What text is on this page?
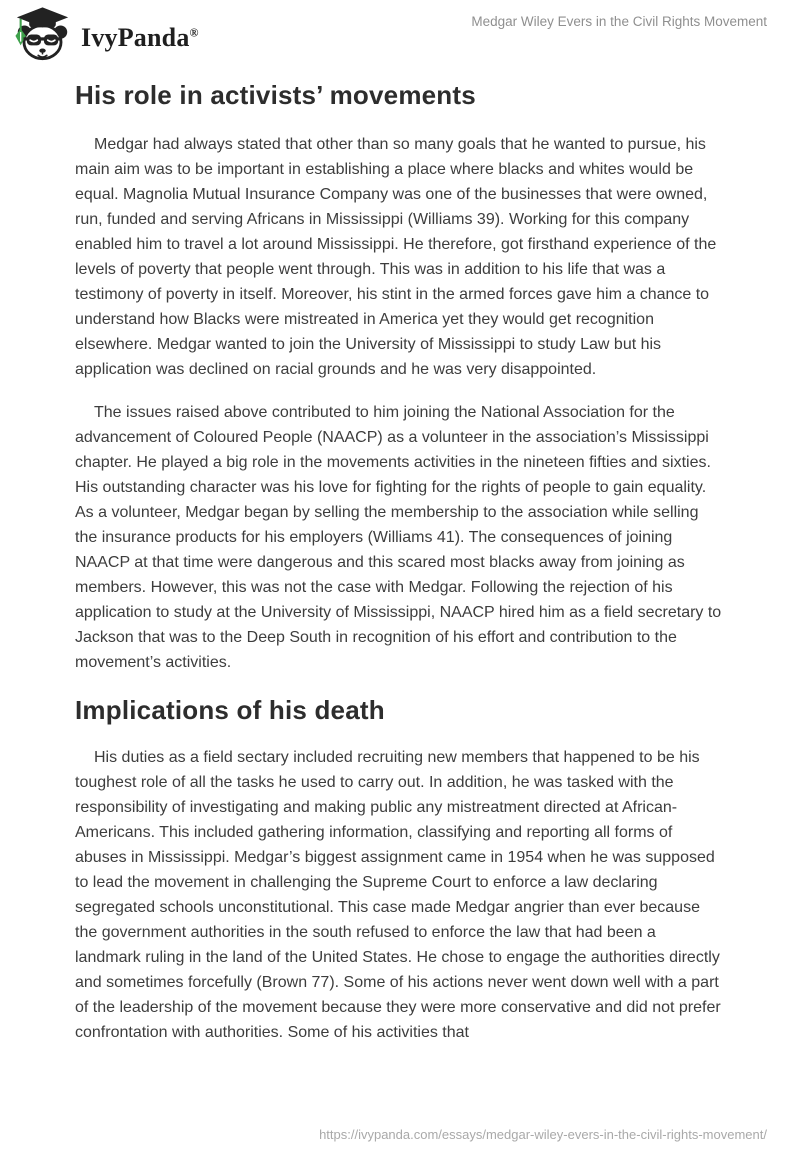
IvyPanda®
Medgar Wiley Evers in the Civil Rights Movement
His role in activists’ movements

Medgar had always stated that other than so many goals that he wanted to pursue, his main aim was to be important in establishing a place where blacks and whites would be equal. Magnolia Mutual Insurance Company was one of the businesses that were owned, run, funded and serving Africans in Mississippi (Williams 39). Working for this company enabled him to travel a lot around Mississippi. He therefore, got firsthand experience of the levels of poverty that people went through. This was in addition to his life that was a testimony of poverty in itself. Moreover, his stint in the armed forces gave him a chance to understand how Blacks were mistreated in America yet they would get recognition elsewhere. Medgar wanted to join the University of Mississippi to study Law but his application was declined on racial grounds and he was very disappointed.

The issues raised above contributed to him joining the National Association for the advancement of Coloured People (NAACP) as a volunteer in the association’s Mississippi chapter. He played a big role in the movements activities in the nineteen fifties and sixties. His outstanding character was his love for fighting for the rights of people to gain equality. As a volunteer, Medgar began by selling the membership to the association while selling the insurance products for his employers (Williams 41). The consequences of joining NAACP at that time were dangerous and this scared most blacks away from joining as members. However, this was not the case with Medgar. Following the rejection of his application to study at the University of Mississippi, NAACP hired him as a field secretary to Jackson that was to the Deep South in recognition of his effort and contribution to the movement’s activities.

Implications of his death

His duties as a field sectary included recruiting new members that happened to be his toughest role of all the tasks he used to carry out. In addition, he was tasked with the responsibility of investigating and making public any mistreatment directed at African-Americans. This included gathering information, classifying and reporting all forms of abuses in Mississippi. Medgar’s biggest assignment came in 1954 when he was supposed to lead the movement in challenging the Supreme Court to enforce a law declaring segregated schools unconstitutional. This case made Medgar angrier than ever because the government authorities in the south refused to enforce the law that had been a landmark ruling in the land of the United States. He chose to engage the authorities directly and sometimes forcefully (Brown 77). Some of his actions never went down well with a part of the leadership of the movement because they were more conservative and did not prefer confrontation with authorities. Some of his activities that

https://ivypanda.com/essays/medgar-wiley-evers-in-the-civil-rights-movement/
